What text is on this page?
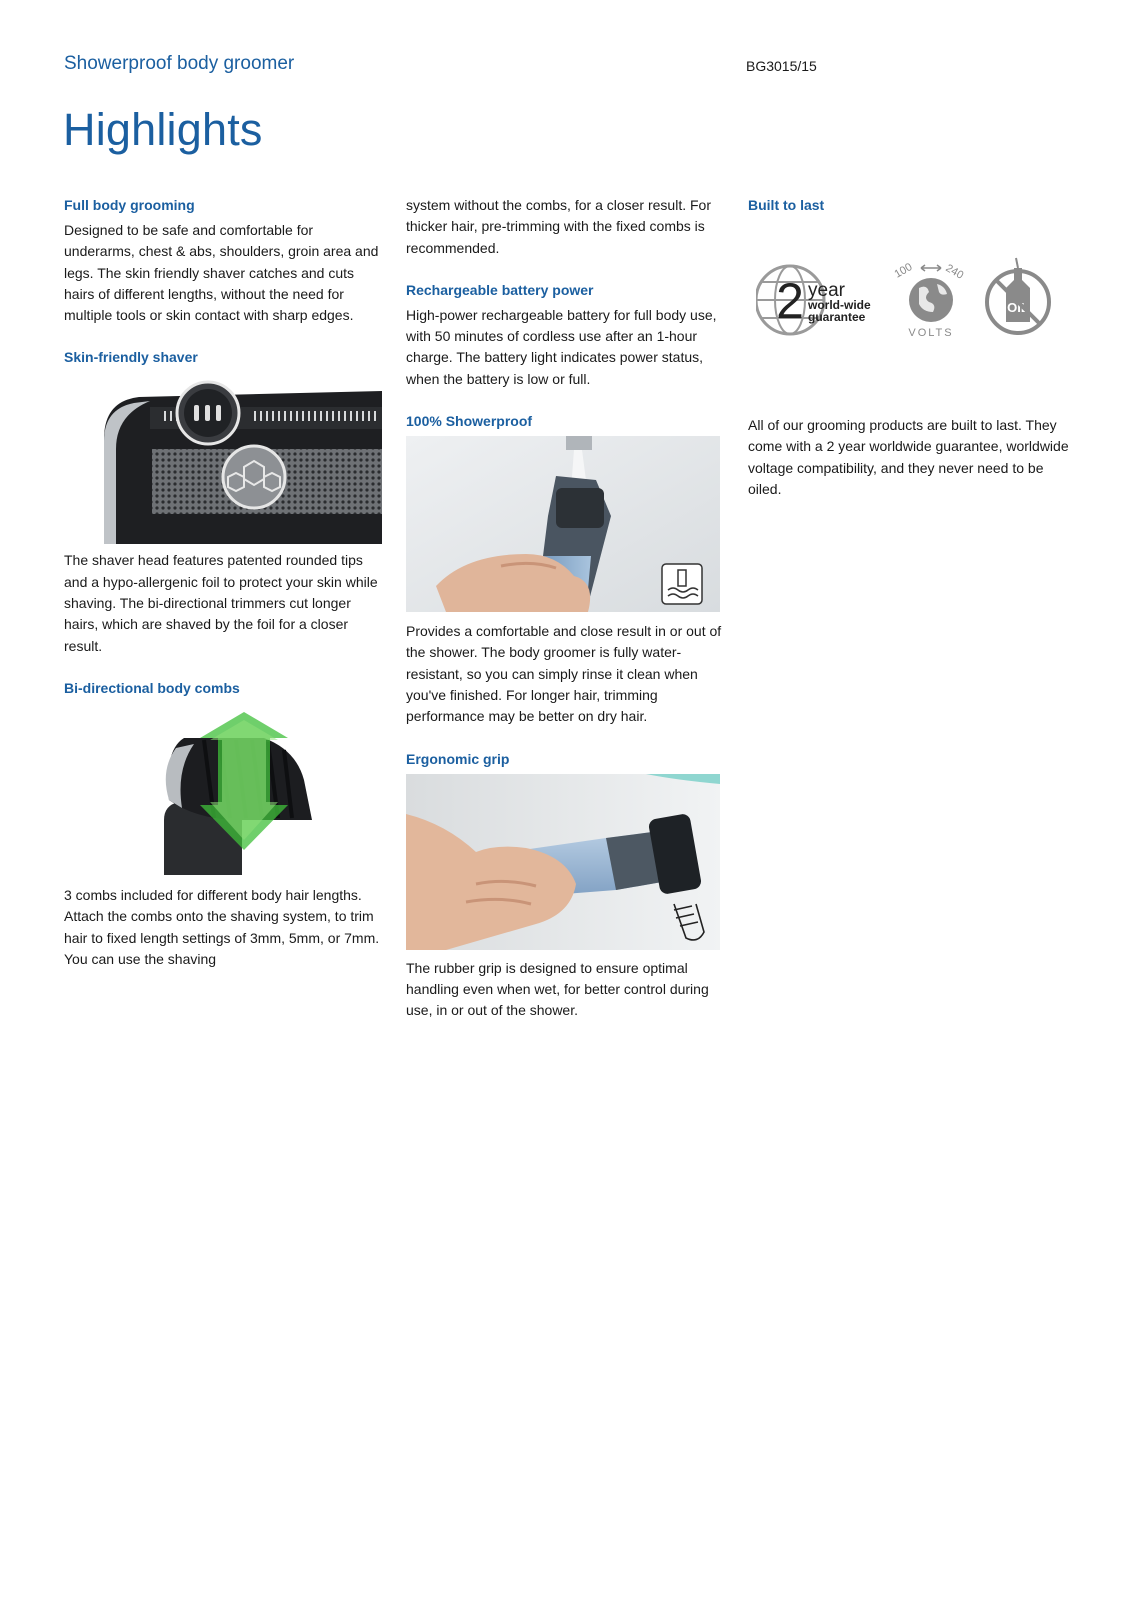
Showerproof body groomer	BG3015/15
Highlights
Full body grooming

Designed to be safe and comfortable for underarms, chest & abs, shoulders, groin area and legs. The skin friendly shaver catches and cuts hairs of different lengths, without the need for multiple tools or skin contact with sharp edges.

Skin-friendly shaver

The shaver head features patented rounded tips and a hypo-allergenic foil to protect your skin while shaving. The bi-directional trimmers cut longer hairs, which are shaved by the foil for a closer result.

Bi-directional body combs

3 combs included for different body hair lengths. Attach the combs onto the shaving system, to trim hair to fixed length settings of 3mm, 5mm, or 7mm. You can use the shaving

system without the combs, for a closer result. For thicker hair, pre-trimming with the fixed combs is recommended.

Rechargeable battery power

High-power rechargeable battery for full body use, with 50 minutes of cordless use after an 1-hour charge. The battery light indicates power status, when the battery is low or full.

100% Showerproof

Provides a comfortable and close result in or out of the shower. The body groomer is fully water-resistant, so you can simply rinse it clean when you've finished. For longer hair, trimming performance may be better on dry hair.

Ergonomic grip

The rubber grip is designed to ensure optimal handling even when wet, for better control during use, in or out of the shower.

Built to last
2 year
world-wide
guarantee
100	240
VOLTS
OIL

All of our grooming products are built to last. They come with a 2 year worldwide guarantee, worldwide voltage compatibility, and they never need to be oiled.
